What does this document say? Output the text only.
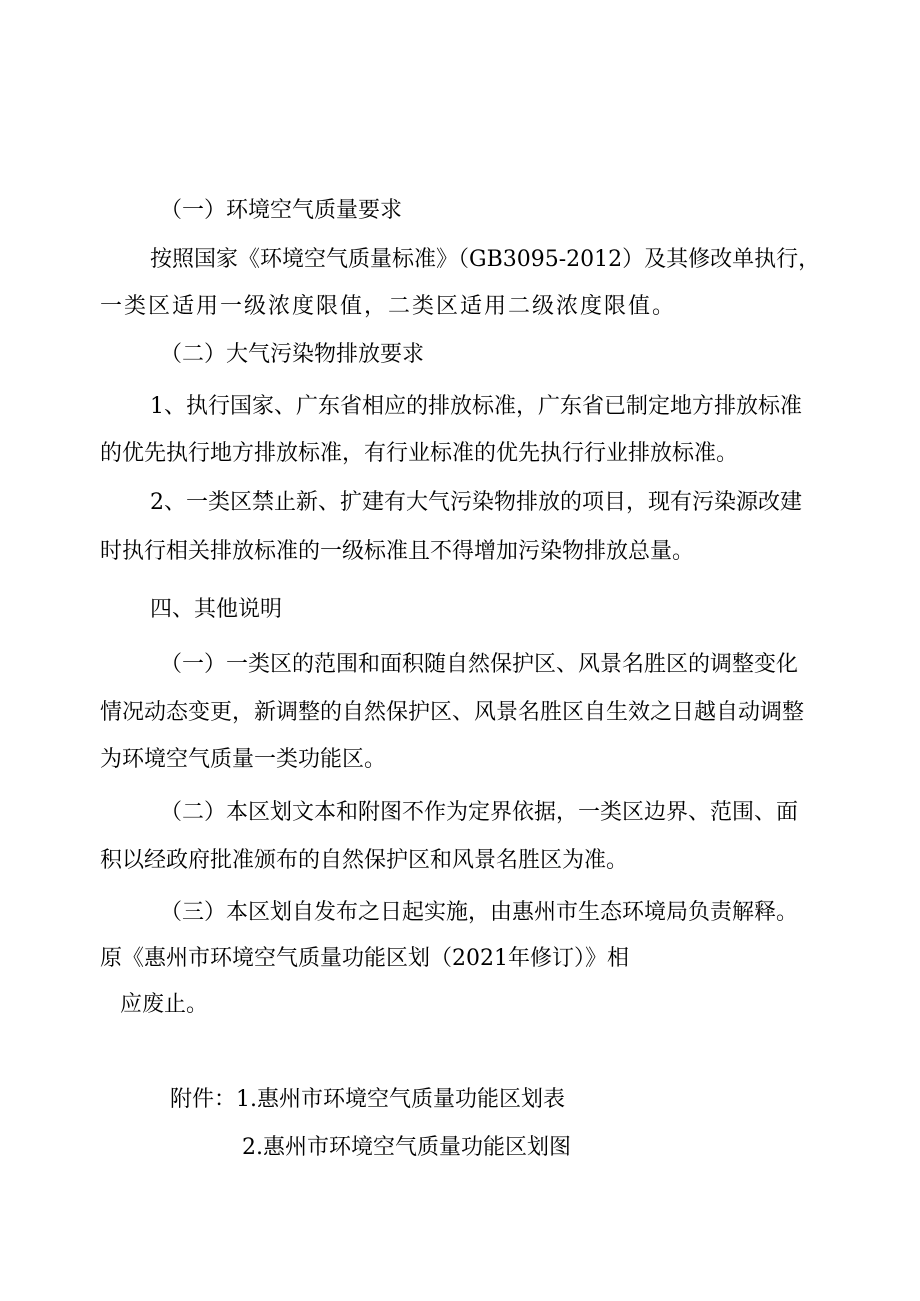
（一）环境空气质量要求

按照国家《环境空气质量标准》（GB3095-2012）及其修改单执行，

一类区适用一级浓度限值，二类区适用二级浓度限值。

（二）大气污染物排放要求

1、执行国家、广东省相应的排放标准，广东省已制定地方排放标准

的优先执行地方排放标准，有行业标准的优先执行行业排放标准。

2、一类区禁止新、扩建有大气污染物排放的项目，现有污染源改建

时执行相关排放标准的一级标准且不得增加污染物排放总量。

四、其他说明

（一）一类区的范围和面积随自然保护区、风景名胜区的调整变化

情况动态变更，新调整的自然保护区、风景名胜区自生效之日越自动调整

为环境空气质量一类功能区。

（二）本区划文本和附图不作为定界依据，一类区边界、范围、面

积以经政府批准颁布的自然保护区和风景名胜区为准。

（三）本区划自发布之日起实施，由惠州市生态环境局负责解释。

原《惠州市环境空气质量功能区划（2021年修订）》相

应废止。

附件：1.惠州市环境空气质量功能区划表

2.惠州市环境空气质量功能区划图
